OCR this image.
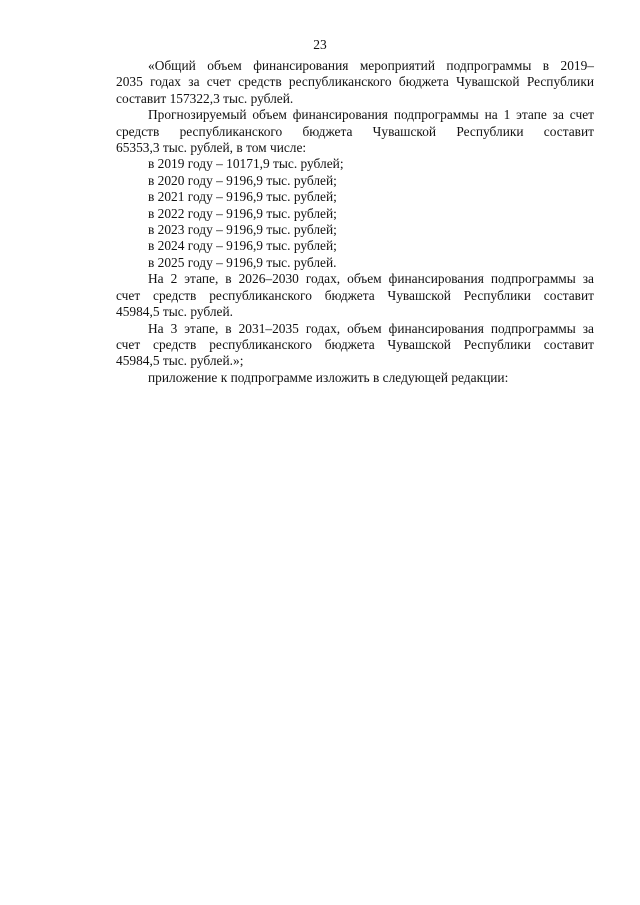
23

«Общий объем финансирования мероприятий подпрограммы в 2019–

2035 годах за счет средств республиканского бюджета Чувашской Республики

составит 157322,3 тыс. рублей.

Прогнозируемый объем финансирования подпрограммы на 1 этапе за счет

средств республиканского бюджета Чувашской Республики составит

65353,3 тыс. рублей, в том числе:

в 2019 году – 10171,9 тыс. рублей;

в 2020 году – 9196,9 тыс. рублей;

в 2021 году – 9196,9 тыс. рублей;

в 2022 году – 9196,9 тыс. рублей;

в 2023 году – 9196,9 тыс. рублей;

в 2024 году – 9196,9 тыс. рублей;

в 2025 году – 9196,9 тыс. рублей.

На 2 этапе, в 2026–2030 годах, объем финансирования подпрограммы за

счет средств республиканского бюджета Чувашской Республики составит

45984,5 тыс. рублей.

На 3 этапе, в 2031–2035 годах, объем финансирования подпрограммы за

счет средств республиканского бюджета Чувашской Республики составит

45984,5 тыс. рублей.»;

приложение к подпрограмме изложить в следующей редакции:
